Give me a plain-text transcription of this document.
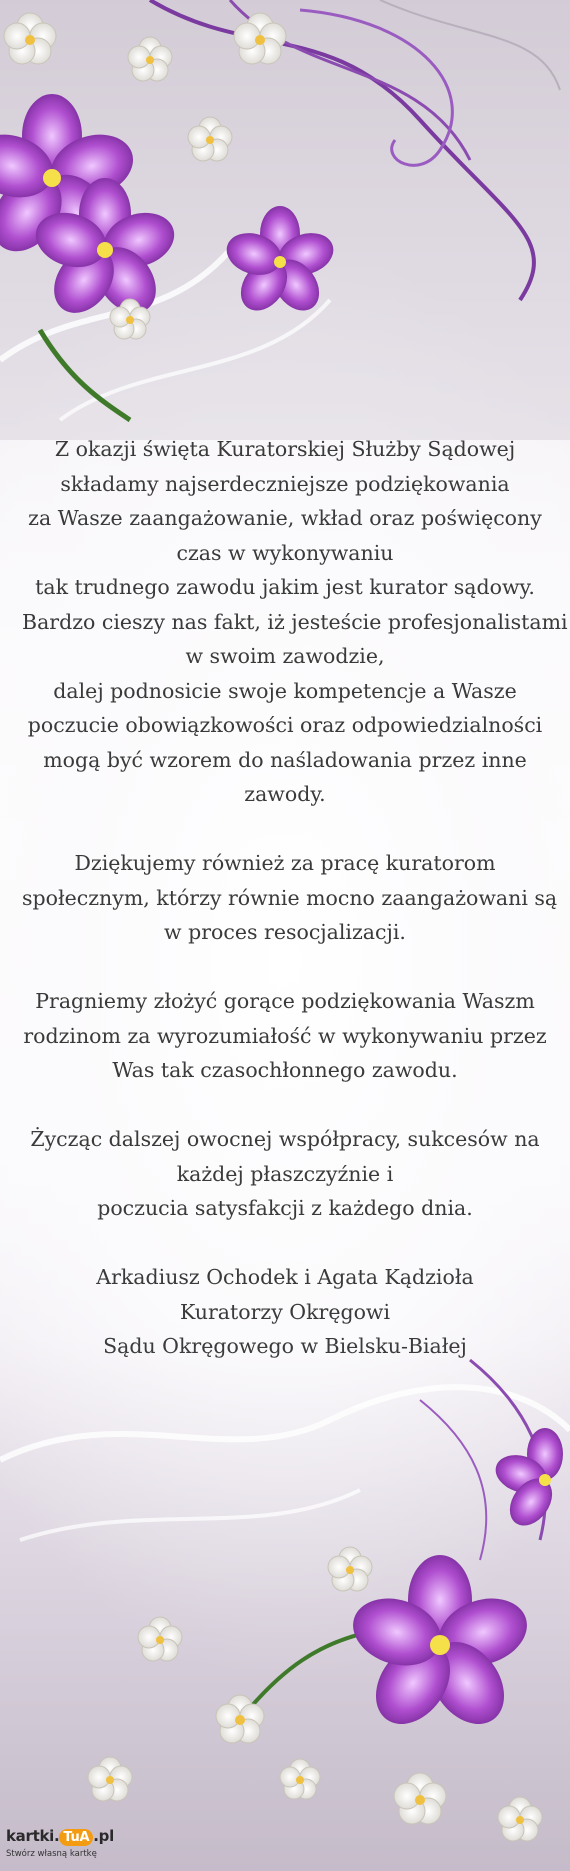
Z okazji święta Kuratorskiej Służby Sądowej
składamy najserdeczniejsze podziękowania
za Wasze zaangażowanie, wkład oraz poświęcony
czas w wykonywaniu
tak trudnego zawodu jakim jest kurator sądowy.
Bardzo cieszy nas fakt, iż jesteście profesjonalistami
w swoim zawodzie,
dalej podnosicie swoje kompetencje a Wasze
poczucie obowiązkowości oraz odpowiedzialności
mogą być wzorem do naśladowania przez inne
zawody.
Dziękujemy również za pracę kuratorom
społecznym, którzy równie mocno zaangażowani są
w proces resocjalizacji.
Pragniemy złożyć gorące podziękowania Waszm
rodzinom za wyrozumiałość w wykonywaniu przez
Was tak czasochłonnego zawodu.
Życząc dalszej owocnej współpracy, sukcesów na
każdej płaszczyźnie i
poczucia satysfakcji z każdego dnia.
Arkadiusz Ochodek i Agata Kądzioła
Kuratorzy Okręgowi
kartki. TuA .pl
Stwórz własną kartkę
